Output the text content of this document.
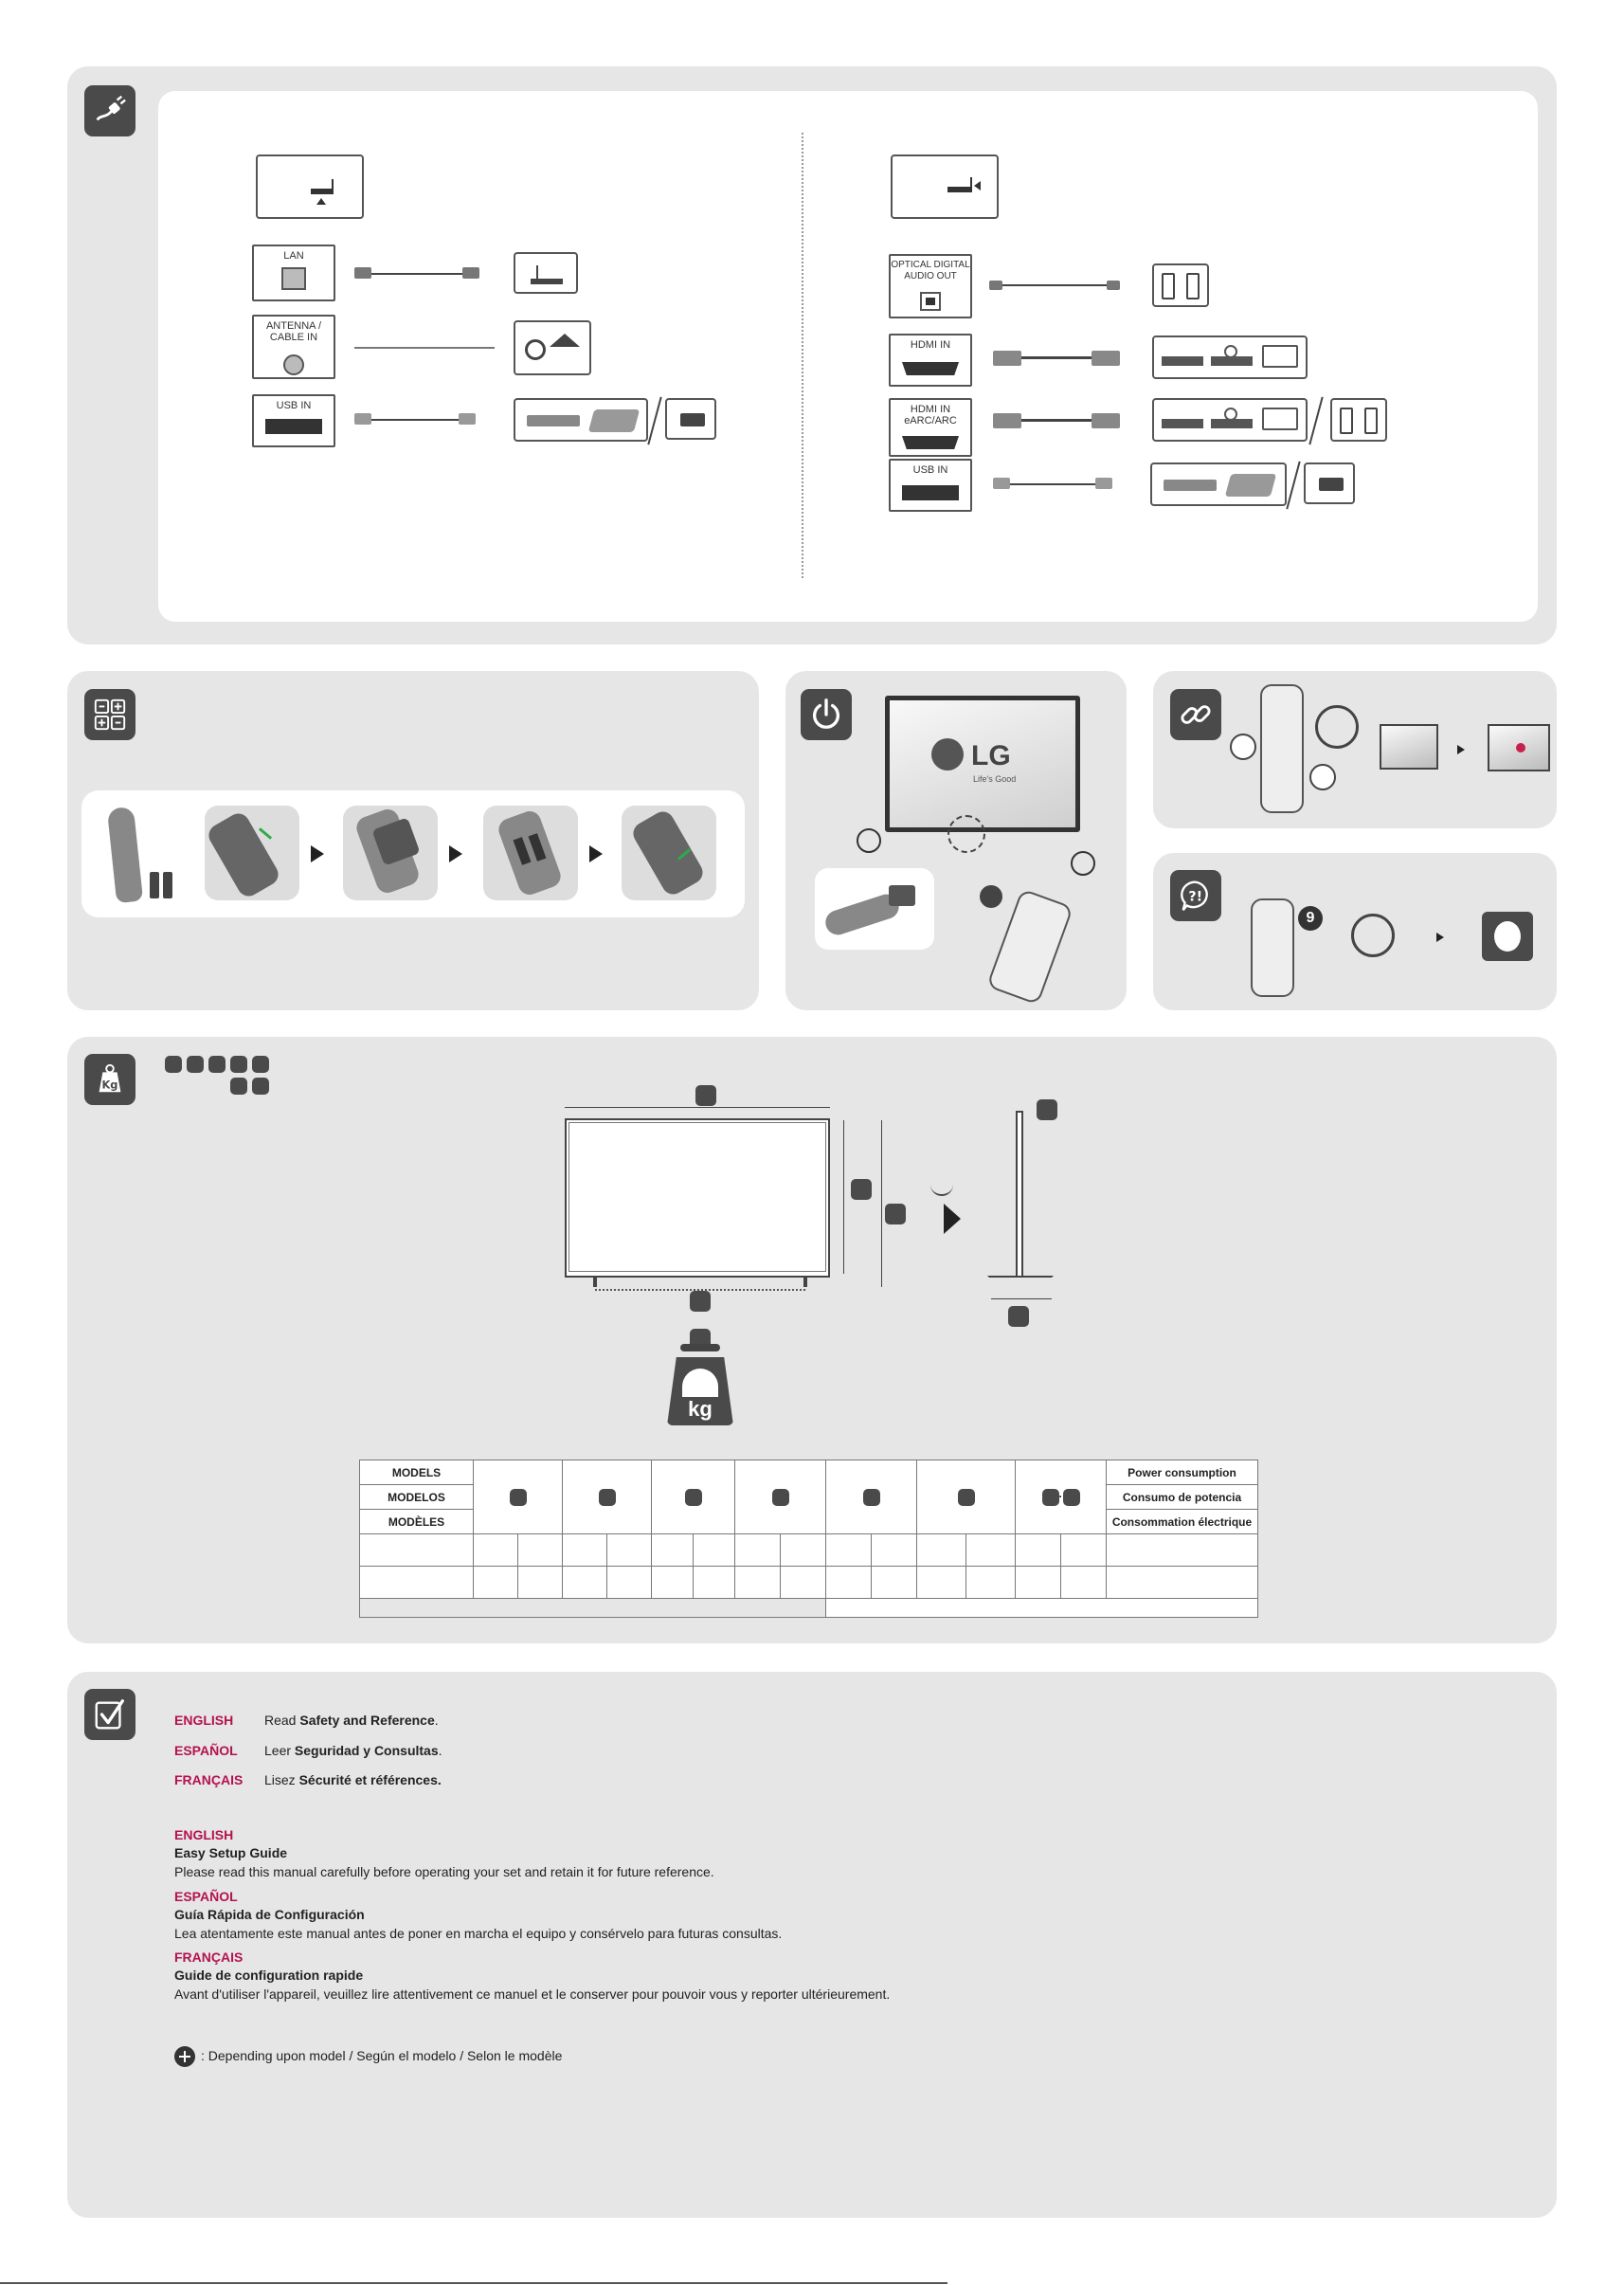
LAN
ANTENNA / CABLE IN
USB IN
OPTICAL DIGITAL AUDIO OUT
HDMI IN
HDMI IN eARC/ARC
USB IN
LG
Life's Good
?!
9
Kg
kg
MODELS													·		Power consumption
MODELOS															Consumo de potencia
MODÈLES															Consommation électrique

ENGLISH Read Safety and Reference.
ESPAÑOL Leer Seguridad y Consultas.
FRANÇAIS Lisez Sécurité et références.
ENGLISH
Easy Setup Guide
Please read this manual carefully before operating your set and retain it for future reference.
ESPAÑOL
Guía Rápida de Configuración
Lea atentamente este manual antes de poner en marcha el equipo y consérvelo para futuras consultas.
FRANÇAIS
Guide de configuration rapide
Avant d'utiliser l'appareil, veuillez lire attentivement ce manuel et le conserver pour pouvoir vous y reporter ultérieurement.
: Depending upon model / Según el modelo / Selon le modèle
